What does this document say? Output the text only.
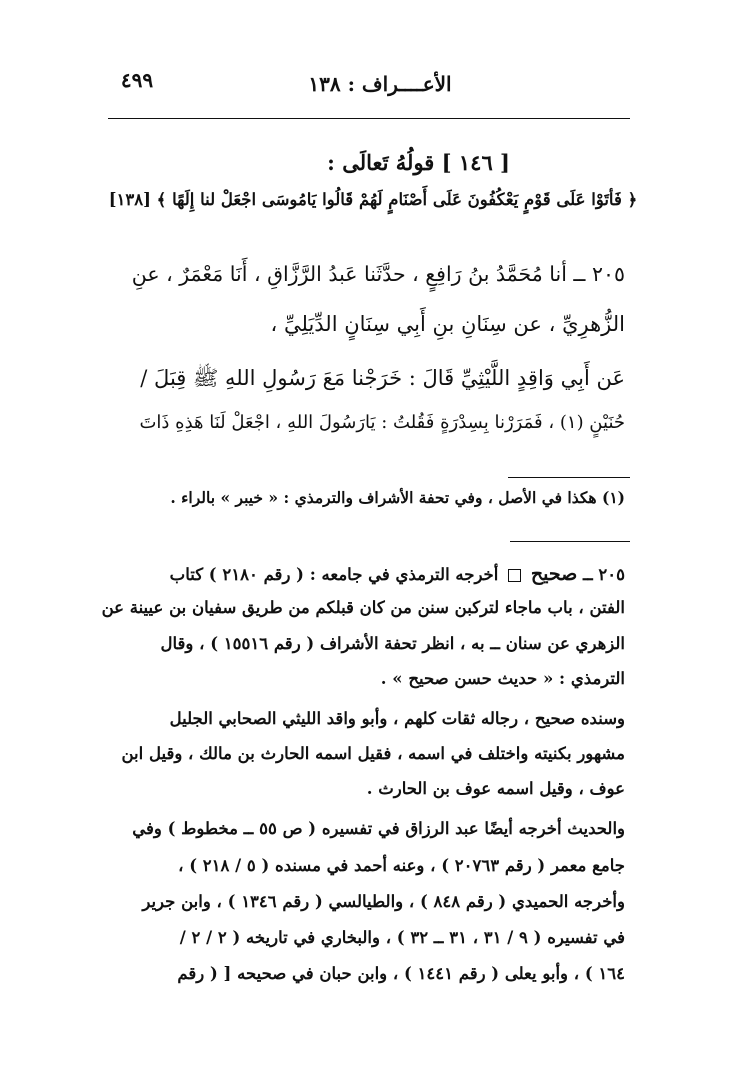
الأعــــراف : ١٣٨
٤٩٩
[ ١٤٦ ] قولُهُ تَعالَى :
﴿ فَأتَوْا عَلَى قَوْمٍ يَعْكُفُونَ عَلَى أَصْنَامٍ لَهُمْ قَالُوا يَامُوسَى اجْعَلْ لنا إِلَهًا ﴾ [١٣٨]
٢٠٥ ــ أنا مُحَمَّدُ بنُ رَافِعٍ ، حدَّثَنا عَبدُ الرَّزَّاقِ ، أَنَا مَعْمَرٌ ، عنِ
الزُّهرِيِّ ، عن سِنَانِ بنِ أَبِي سِنَانٍ الدِّيَلِيِّ ،
عَن أَبِي وَاقِدٍ اللَّيْثِيِّ قَالَ : خَرَجْنا مَعَ رَسُولِ اللهِ ﷺ قِبَلَ /
حُنَيْنٍ (١) ، فَمَرَرْنا بِسِدْرَةٍ فَقُلتُ : يَارَسُولَ اللهِ ، اجْعَلْ لَنَا هَذِهِ ذَاتَ
(١) هكذا في الأصل ، وفي تحفة الأشراف والترمذي : « خيبر » بالراء .
٢٠٥ ــ صحيح  أخرجه الترمذي في جامعه : ( رقم ٢١٨٠ ) كتاب
الفتن ، باب ماجاء لتركبن سنن من كان قبلكم من طريق سفيان بن عيينة عن
الزهري عن سنان ــ به ، انظر تحفة الأشراف ( رقم ١٥٥١٦ ) ، وقال
الترمذي : « حديث حسن صحيح » .
وسنده صحيح ، رجاله ثقات كلهم ، وأبو واقد الليثي الصحابي الجليل
مشهور بكنيته واختلف في اسمه ، فقيل اسمه الحارث بن مالك ، وقيل ابن
عوف ، وقيل اسمه عوف بن الحارث .
والحديث أخرجه أيضًا عبد الرزاق في تفسيره ( ص ٥٥ ــ مخطوط ) وفي
جامع معمر ( رقم ٢٠٧٦٣ ) ، وعنه أحمد في مسنده ( ٥ / ٢١٨ ) ،
وأخرجه الحميدي ( رقم ٨٤٨ ) ، والطيالسي ( رقم ١٣٤٦ ) ، وابن جرير
في تفسيره ( ٩ / ٣١ ، ٣١ ــ ٣٢ ) ، والبخاري في تاريخه ( ٢ / ٢ /
١٦٤ ) ، وأبو يعلى ( رقم ١٤٤١ ) ، وابن حبان في صحيحه [ ( رقم
